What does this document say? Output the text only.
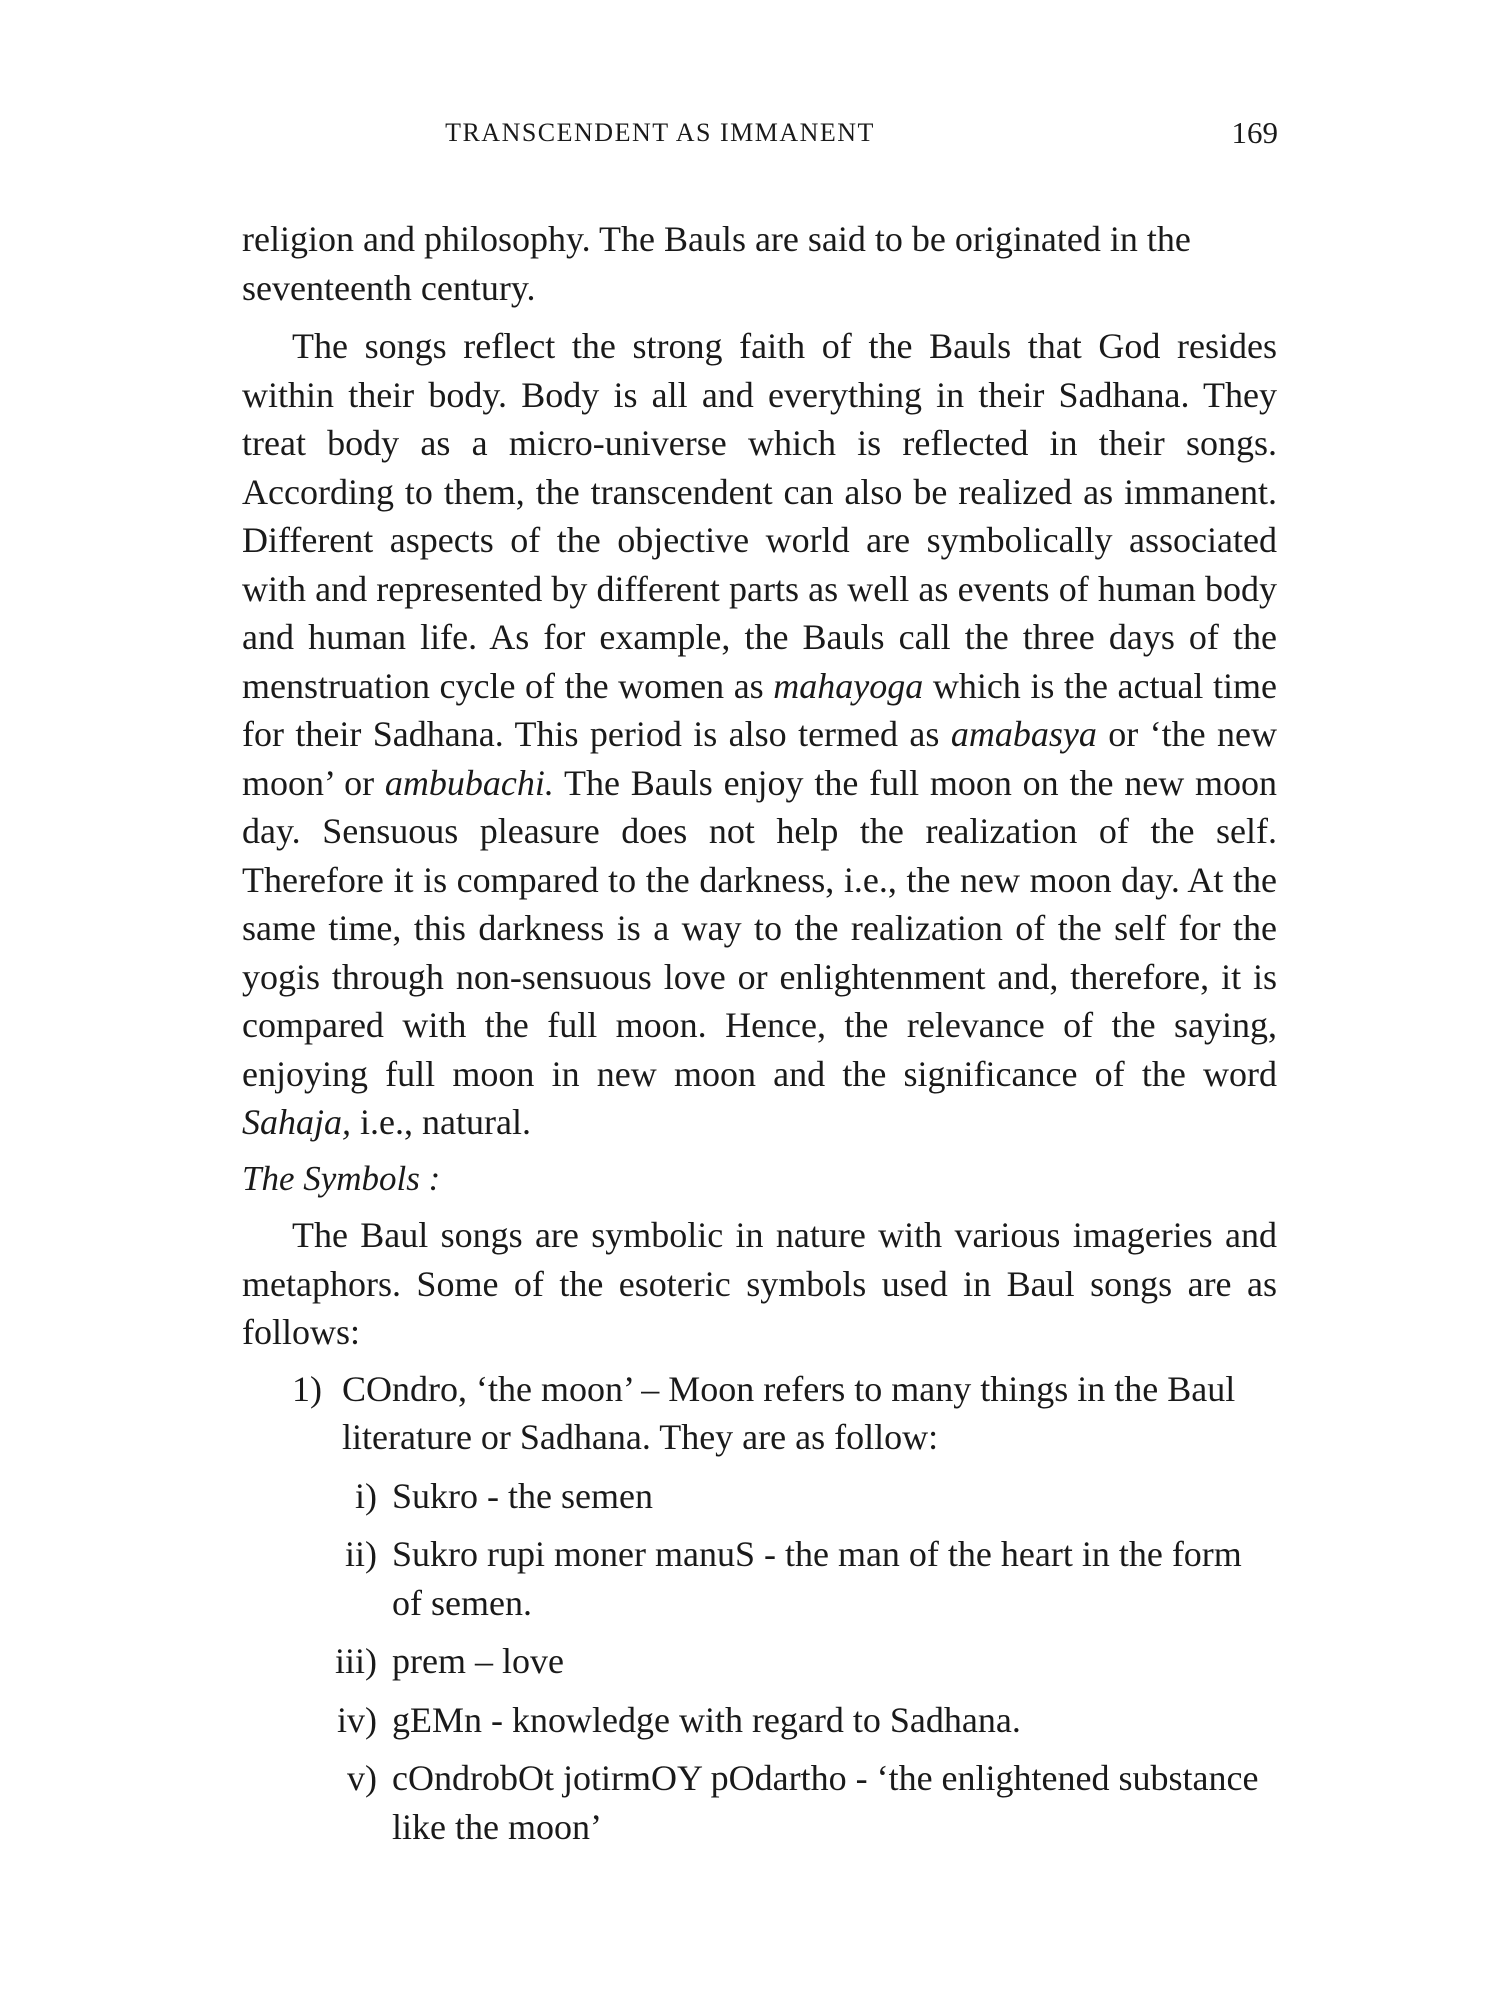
TRANSCENDENT AS IMMANENT	169

religion and philosophy. The Bauls are said to be originated in the seventeenth century.

The songs reflect the strong faith of the Bauls that God resides within their body. Body is all and everything in their Sadhana. They treat body as a micro-universe which is reflected in their songs. According to them, the transcendent can also be realized as immanent. Different aspects of the objective world are symbolically associated with and represented by different parts as well as events of human body and human life. As for example, the Bauls call the three days of the menstruation cycle of the women as mahayoga which is the actual time for their Sadhana. This period is also termed as amabasya or ‘the new moon’ or ambubachi. The Bauls enjoy the full moon on the new moon day. Sensuous pleasure does not help the realization of the self. Therefore it is compared to the darkness, i.e., the new moon day. At the same time, this darkness is a way to the realization of the self for the yogis through non-sensuous love or enlightenment and, therefore, it is compared with the full moon. Hence, the relevance of the saying, enjoying full moon in new moon and the significance of the word Sahaja, i.e., natural.

The Symbols :

The Baul songs are symbolic in nature with various imageries and metaphors. Some of the esoteric symbols used in Baul songs are as follows:

1) COndro, ‘the moon’ – Moon refers to many things in the Baul literature or Sadhana. They are as follow:
i) Sukro - the semen
ii) Sukro rupi moner manuS - the man of the heart in the form of semen.
iii) prem – love
iv) gEMn - knowledge with regard to Sadhana.
v) cOndrobOt jotirmOY pOdartho - ‘the enlightened substance like the moon’
